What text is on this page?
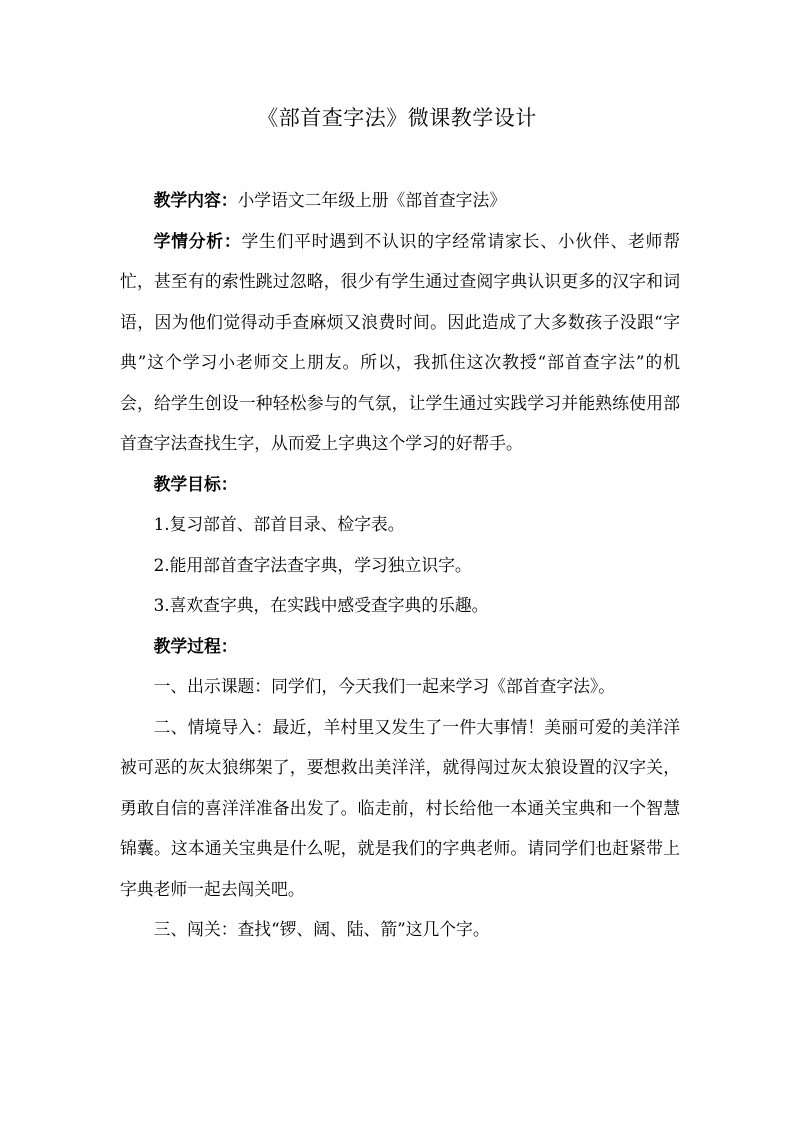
《部首查字法》微课教学设计

教学内容：小学语文二年级上册《部首查字法》

学情分析：学生们平时遇到不认识的字经常请家长、小伙伴、老师帮忙，甚至有的索性跳过忽略，很少有学生通过查阅字典认识更多的汉字和词语，因为他们觉得动手查麻烦又浪费时间。因此造成了大多数孩子没跟“字典”这个学习小老师交上朋友。所以，我抓住这次教授“部首查字法”的机会，给学生创设一种轻松参与的气氛，让学生通过实践学习并能熟练使用部首查字法查找生字，从而爱上字典这个学习的好帮手。

教学目标：

1.复习部首、部首目录、检字表。

2.能用部首查字法查字典，学习独立识字。

3.喜欢查字典，在实践中感受查字典的乐趣。

教学过程：

一、出示课题：同学们，今天我们一起来学习《部首查字法》。

二、情境导入：最近，羊村里又发生了一件大事情！美丽可爱的美洋洋被可恶的灰太狼绑架了，要想救出美洋洋，就得闯过灰太狼设置的汉字关，勇敢自信的喜洋洋准备出发了。临走前，村长给他一本通关宝典和一个智慧锦囊。这本通关宝典是什么呢，就是我们的字典老师。请同学们也赶紧带上字典老师一起去闯关吧。

三、闯关：查找“锣、阔、陆、箭”这几个字。
